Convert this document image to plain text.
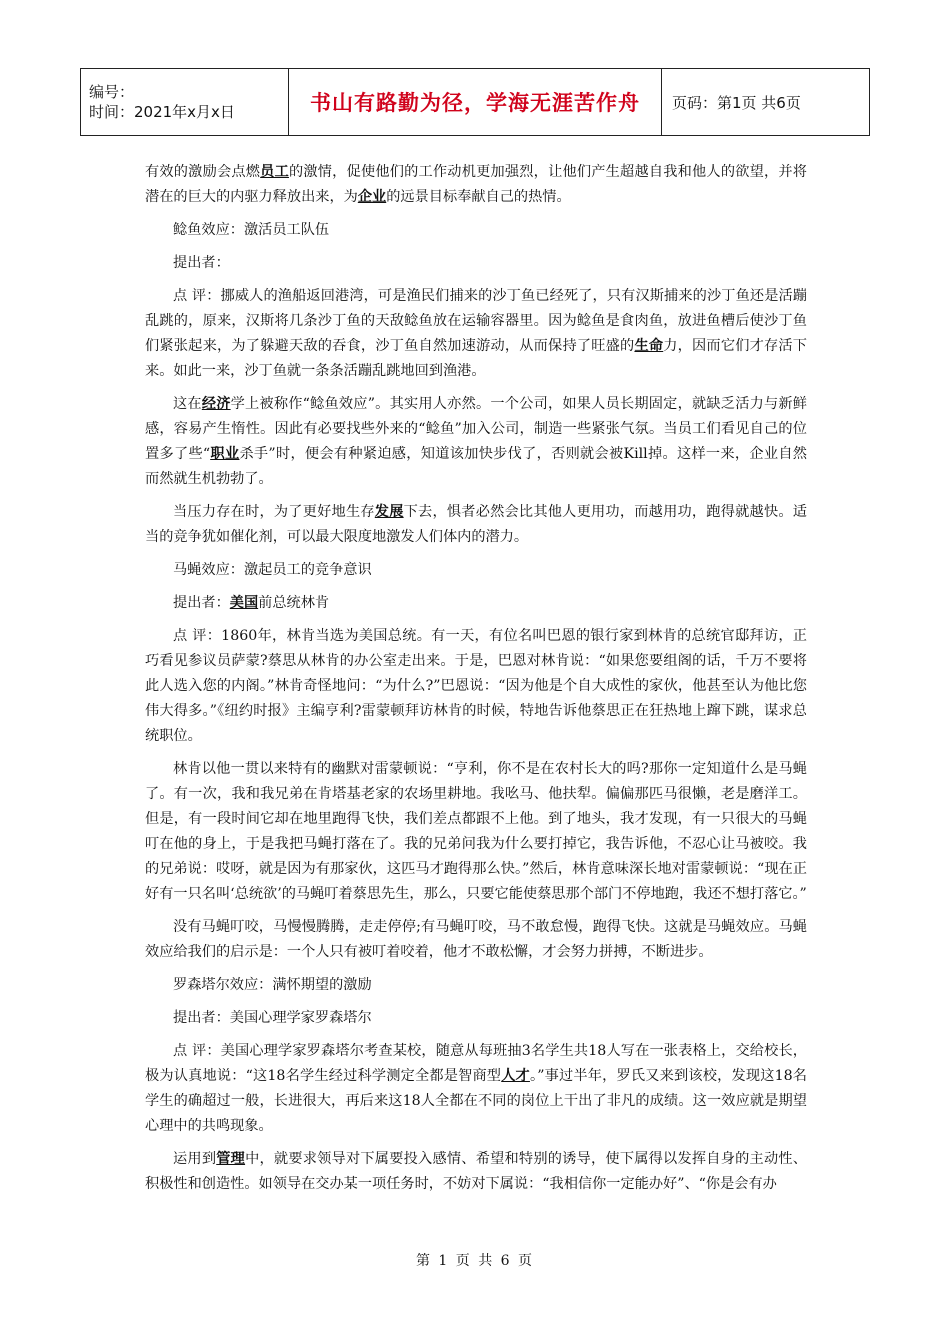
编号：
时间：2021年x月x日	书山有路勤为径，学海无涯苦作舟	页码：第1页 共6页

有效的激励会点燃员工的激情，促使他们的工作动机更加强烈，让他们产生超越自我和他人的欲望，并将潜在的巨大的内驱力释放出来，为企业的远景目标奉献自己的热情。

鲶鱼效应：激活员工队伍

提出者：

点 评：挪威人的渔船返回港湾，可是渔民们捕来的沙丁鱼已经死了，只有汉斯捕来的沙丁鱼还是活蹦乱跳的，原来，汉斯将几条沙丁鱼的天敌鲶鱼放在运输容器里。因为鲶鱼是食肉鱼，放进鱼槽后使沙丁鱼们紧张起来，为了躲避天敌的吞食，沙丁鱼自然加速游动，从而保持了旺盛的生命力，因而它们才存活下来。如此一来，沙丁鱼就一条条活蹦乱跳地回到渔港。

这在经济学上被称作“鲶鱼效应”。其实用人亦然。一个公司，如果人员长期固定，就缺乏活力与新鲜感，容易产生惰性。因此有必要找些外来的“鲶鱼”加入公司，制造一些紧张气氛。当员工们看见自己的位置多了些“职业杀手”时，便会有种紧迫感，知道该加快步伐了，否则就会被Kill掉。这样一来，企业自然而然就生机勃勃了。

当压力存在时，为了更好地生存发展下去，惧者必然会比其他人更用功，而越用功，跑得就越快。适当的竞争犹如催化剂，可以最大限度地激发人们体内的潜力。

马蝇效应：激起员工的竞争意识

提出者：美国前总统林肯

点 评：1860年，林肯当选为美国总统。有一天，有位名叫巴恩的银行家到林肯的总统官邸拜访，正巧看见参议员萨蒙?蔡思从林肯的办公室走出来。于是，巴恩对林肯说：“如果您要组阁的话，千万不要将此人选入您的内阁。”林肯奇怪地问：“为什么?”巴恩说：“因为他是个自大成性的家伙，他甚至认为他比您伟大得多。”《纽约时报》主编亨利?雷蒙顿拜访林肯的时候，特地告诉他蔡思正在狂热地上蹿下跳，谋求总统职位。

林肯以他一贯以来特有的幽默对雷蒙顿说：“亨利，你不是在农村长大的吗?那你一定知道什么是马蝇了。有一次，我和我兄弟在肯塔基老家的农场里耕地。我吆马、他扶犁。偏偏那匹马很懒，老是磨洋工。但是，有一段时间它却在地里跑得飞快，我们差点都跟不上他。到了地头，我才发现，有一只很大的马蝇叮在他的身上，于是我把马蝇打落在了。我的兄弟问我为什么要打掉它，我告诉他，不忍心让马被咬。我的兄弟说：哎呀，就是因为有那家伙，这匹马才跑得那么快。”然后，林肯意味深长地对雷蒙顿说：“现在正好有一只名叫‘总统欲’的马蝇叮着蔡思先生，那么，只要它能使蔡思那个部门不停地跑，我还不想打落它。”

没有马蝇叮咬，马慢慢腾腾，走走停停;有马蝇叮咬，马不敢怠慢，跑得飞快。这就是马蝇效应。马蝇效应给我们的启示是：一个人只有被叮着咬着，他才不敢松懈，才会努力拼搏，不断进步。

罗森塔尔效应：满怀期望的激励

提出者：美国心理学家罗森塔尔

点 评：美国心理学家罗森塔尔考查某校，随意从每班抽3名学生共18人写在一张表格上，交给校长，极为认真地说：“这18名学生经过科学测定全都是智商型人才。”事过半年，罗氏又来到该校，发现这18名学生的确超过一般，长进很大，再后来这18人全都在不同的岗位上干出了非凡的成绩。这一效应就是期望心理中的共鸣现象。

运用到管理中，就要求领导对下属要投入感情、希望和特别的诱导，使下属得以发挥自身的主动性、积极性和创造性。如领导在交办某一项任务时，不妨对下属说：“我相信你一定能办好”、“你是会有办

第 1 页 共 6 页
